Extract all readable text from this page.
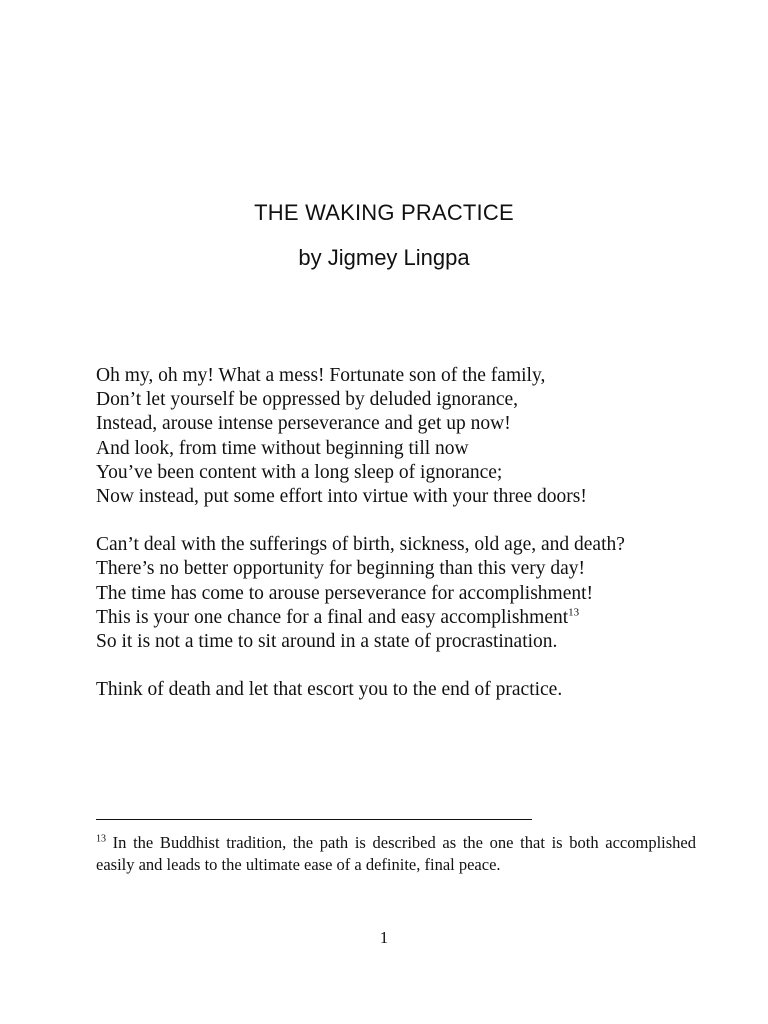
THE WAKING PRACTICE
by Jigmey Lingpa

Oh my, oh my! What a mess! Fortunate son of the family,

Don’t let yourself be oppressed by deluded ignorance,

Instead, arouse intense perseverance and get up now!

And look, from time without beginning till now

You’ve been content with a long sleep of ignorance;

Now instead, put some effort into virtue with your three doors!

Can’t deal with the sufferings of birth, sickness, old age, and death?

There’s no better opportunity for beginning than this very day!

The time has come to arouse perseverance for accomplishment!

This is your one chance for a final and easy accomplishment$^{13}$

So it is not a time to sit around in a state of procrastination.

Think of death and let that escort you to the end of practice.

$^{13}$ In the Buddhist tradition, the path is described as the one that is both accomplished easily and leads to the ultimate ease of a definite, final peace.

1
